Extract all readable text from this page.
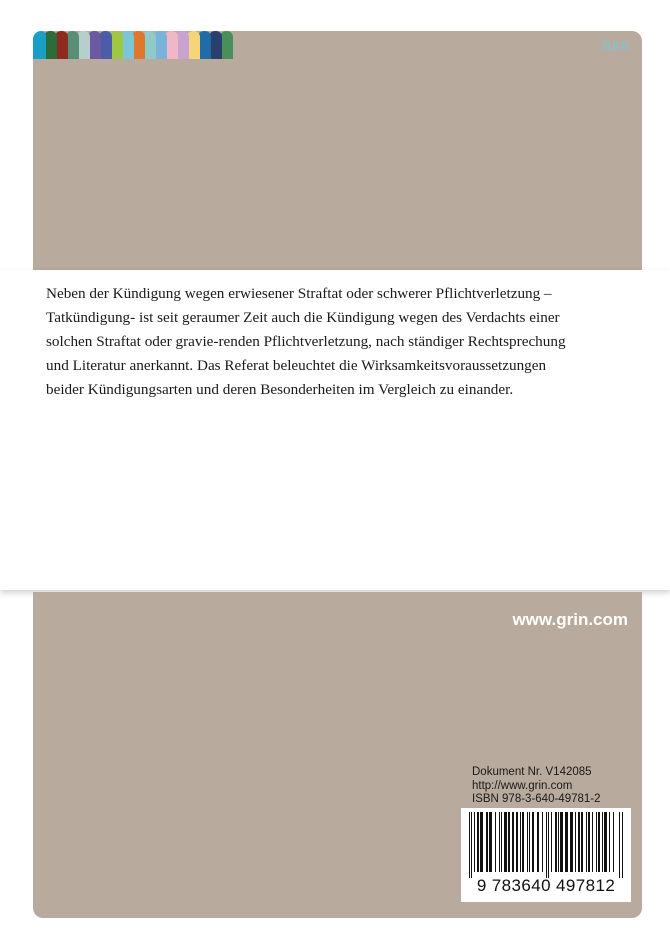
Jura

Neben der Kündigung wegen erwiesener Straftat oder schwerer Pflichtverletzung –Tatkündigung- ist seit geraumer Zeit auch die Kündigung wegen des Verdachts einer solchen Straftat oder gravie-renden Pflichtverletzung, nach ständiger Rechtsprechung und Literatur anerkannt. Das Referat beleuchtet die Wirksamkeitsvoraussetzungen beider Kündigungsarten und deren Besonderheiten im Vergleich zu einander.

www.grin.com
Dokument Nr. V142085
http://www.grin.com
ISBN 978-3-640-49781-2
9 783640 497812
